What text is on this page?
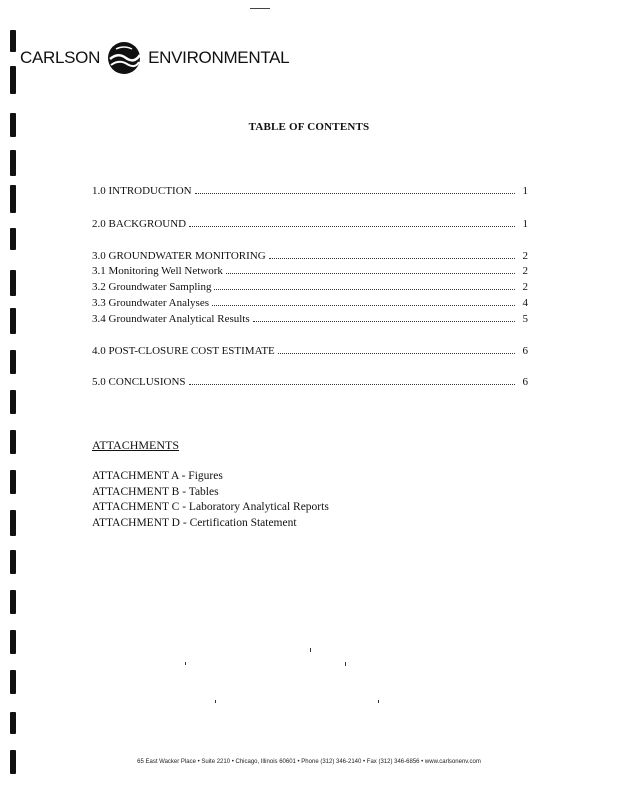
CARLSON	ENVIRONMENTAL
TABLE OF CONTENTS
1.0 INTRODUCTION	1
2.0 BACKGROUND	1
3.0 GROUNDWATER MONITORING	2
3.1 Monitoring Well Network	2
3.2 Groundwater Sampling	2
3.3 Groundwater Analyses	4
3.4 Groundwater Analytical Results	5
4.0 POST-CLOSURE COST ESTIMATE	6
5.0 CONCLUSIONS	6
ATTACHMENTS
ATTACHMENT A - Figures
ATTACHMENT B - Tables
ATTACHMENT C - Laboratory Analytical Reports
ATTACHMENT D - Certification Statement
65 East Wacker Place • Suite 2210 • Chicago, Illinois 60601 • Phone (312) 346-2140 • Fax (312) 346-6856 • www.carlsonenv.com
